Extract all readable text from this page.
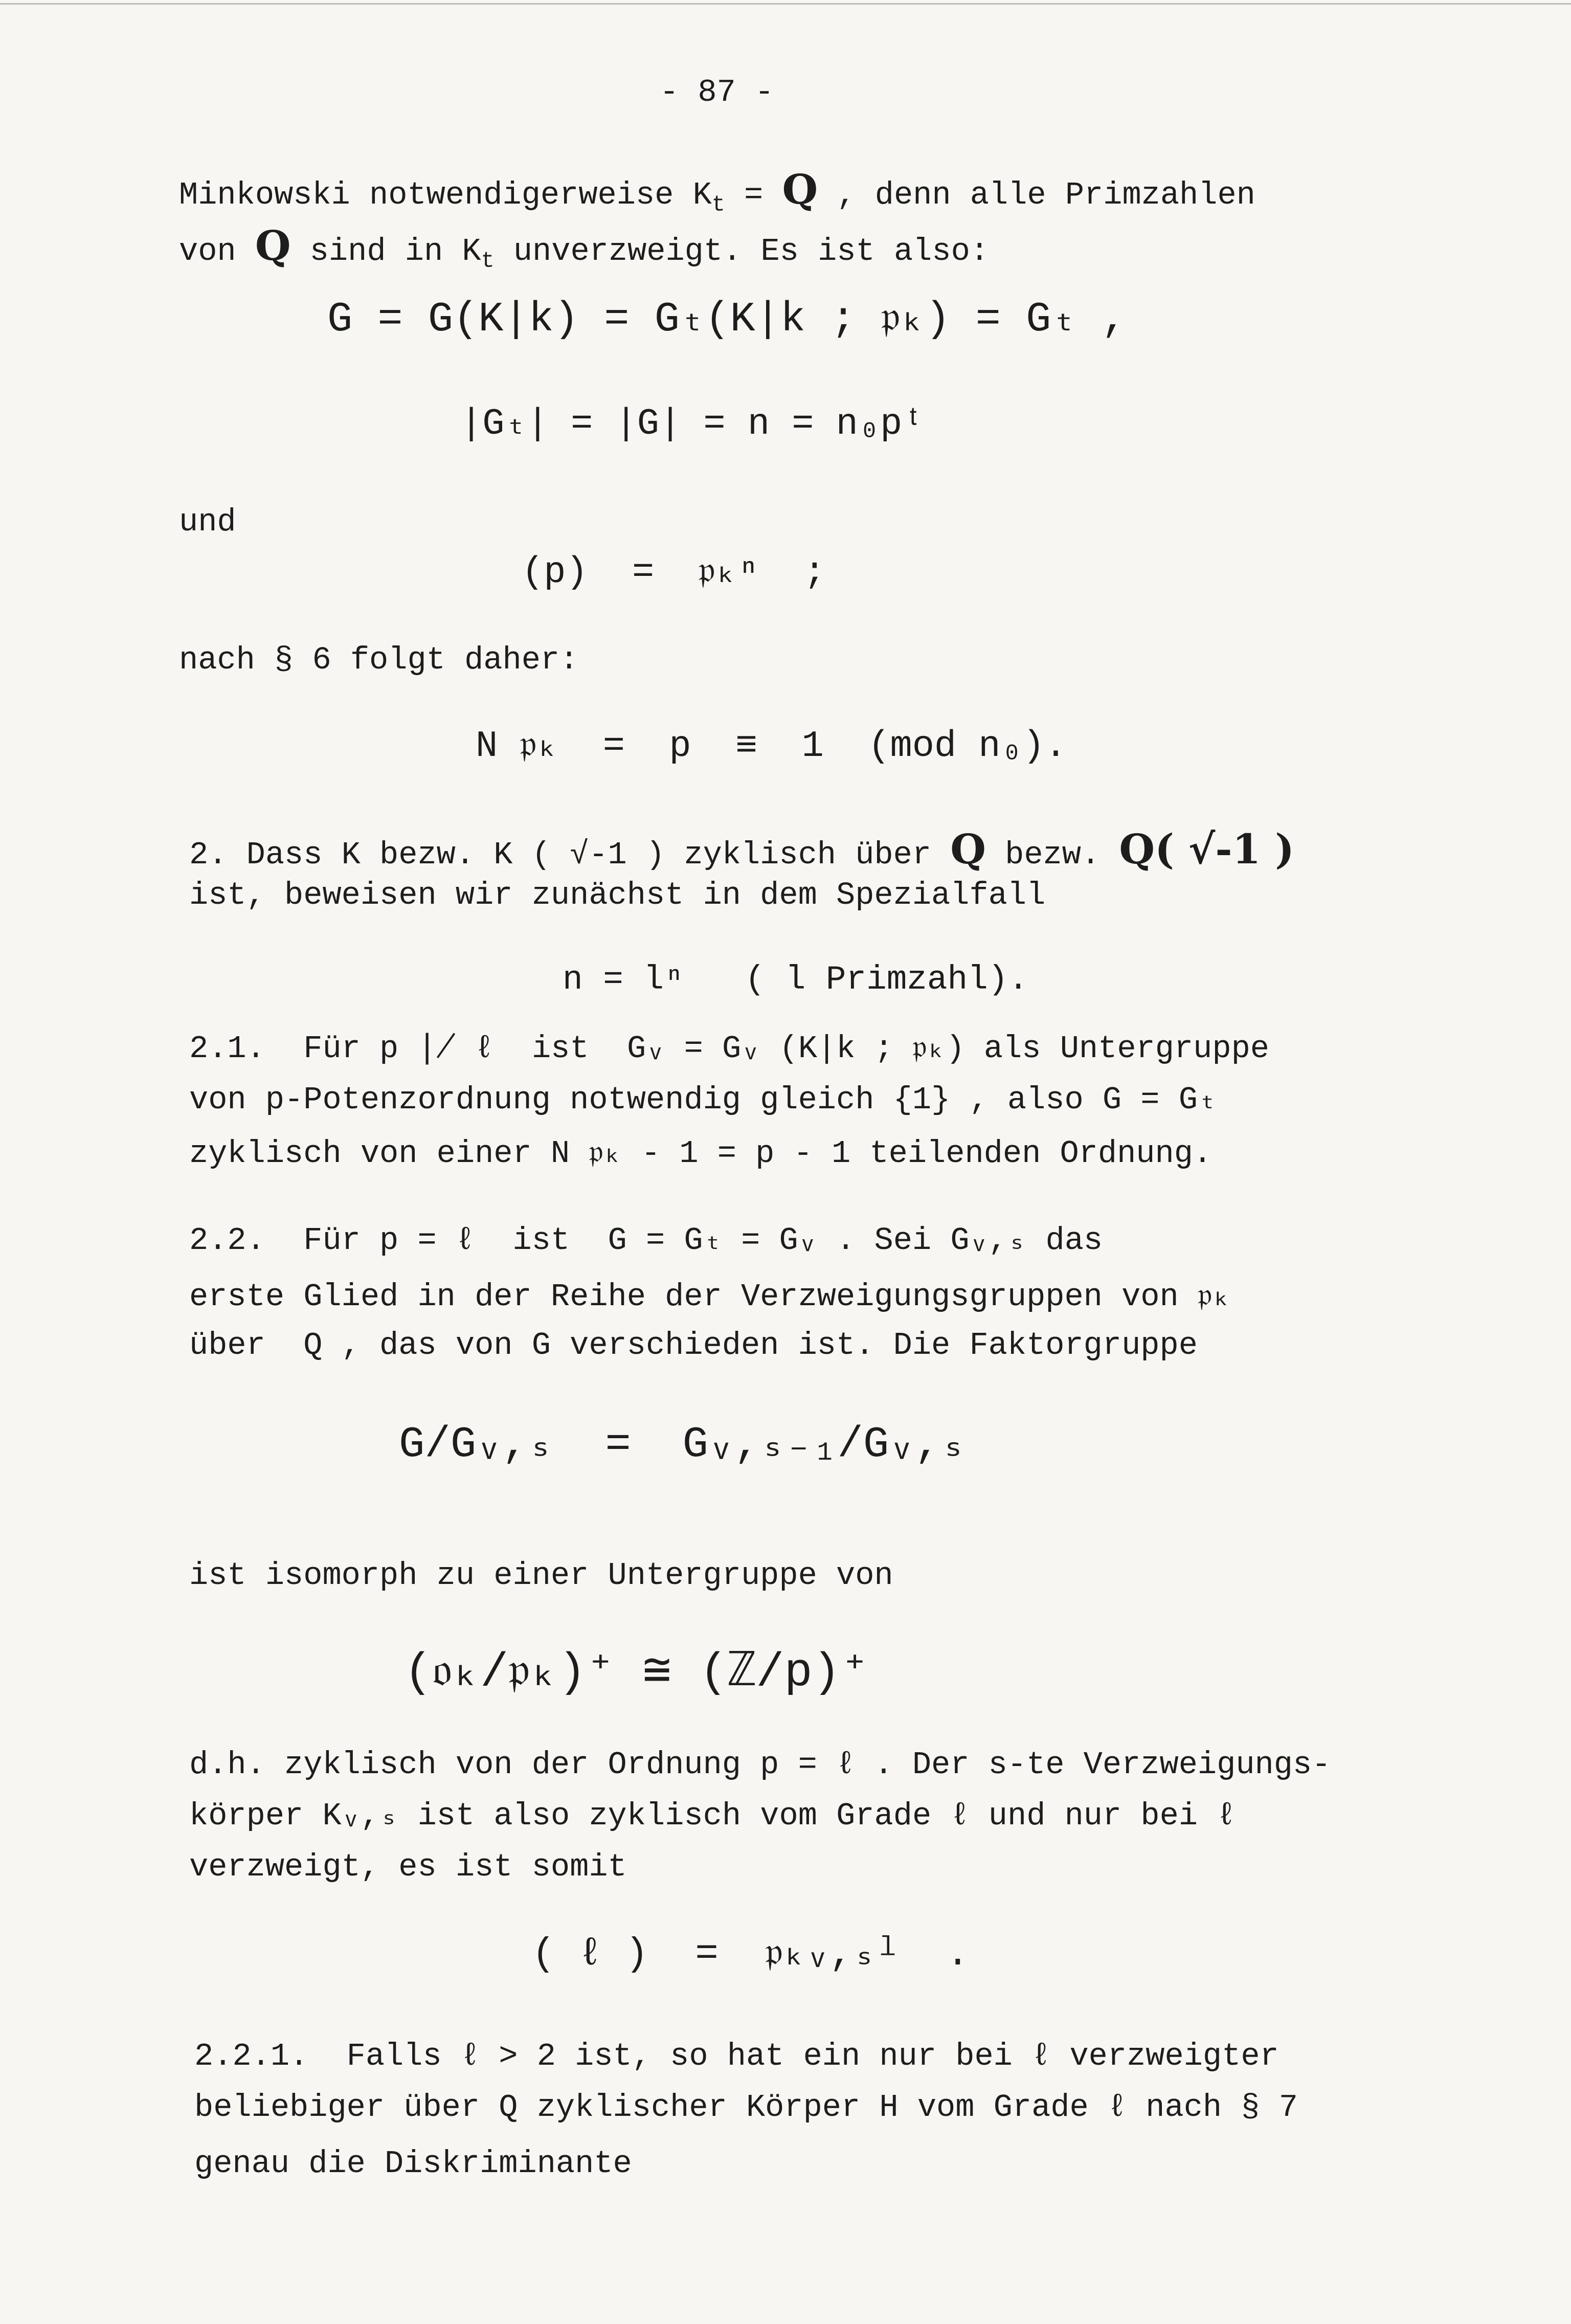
- 87 -
Minkowski notwendigerweise $K_t = Q$ , denn alle Primzahlen
von Q sind in $K_t$ unverzweigt. Es ist also:
G = G(K|k) = Gₜ(K|k ; 𝔭ₖ) = Gₜ ,
|Gₜ| = |G| = n = n₀pᵗ
und
(p)  =  𝔭ₖⁿ  ;
nach § 6 folgt daher:
N 𝔭ₖ  =  p  ≡  1  (mod n₀).
2. Dass K bezw. K ( √-1 ) zyklisch über Q bezw. Q( √-1 )
ist, beweisen wir zunächst in dem Spezialfall
n = lⁿ   ( l Primzahl).
2.1.  Für p ∤ ℓ  ist  Gᵥ = Gᵥ (K|k ; 𝔭ₖ) als Untergruppe
von p-Potenzordnung notwendig gleich {1} , also G = Gₜ
zyklisch von einer N 𝔭ₖ - 1 = p - 1 teilenden Ordnung.
2.2.  Für p = ℓ  ist  G = Gₜ = Gᵥ . Sei Gᵥ,ₛ das
erste Glied in der Reihe der Verzweigungsgruppen von 𝔭ₖ
über  Q , das von G verschieden ist. Die Faktorgruppe
G/Gᵥ,ₛ  =  Gᵥ,ₛ₋₁/Gᵥ,ₛ
ist isomorph zu einer Untergruppe von
(𝔬ₖ/𝔭ₖ)⁺ ≅ (ℤ/p)⁺
d.h. zyklisch von der Ordnung p = ℓ . Der s-te Verzweigungs-
körper Kᵥ,ₛ ist also zyklisch vom Grade ℓ und nur bei ℓ
verzweigt, es ist somit
( ℓ )  =  𝔭ₖᵥ,ₛˡ  .
2.2.1.  Falls ℓ > 2 ist, so hat ein nur bei ℓ verzweigter
beliebiger über Q zyklischer Körper H vom Grade ℓ nach § 7
genau die Diskriminante
